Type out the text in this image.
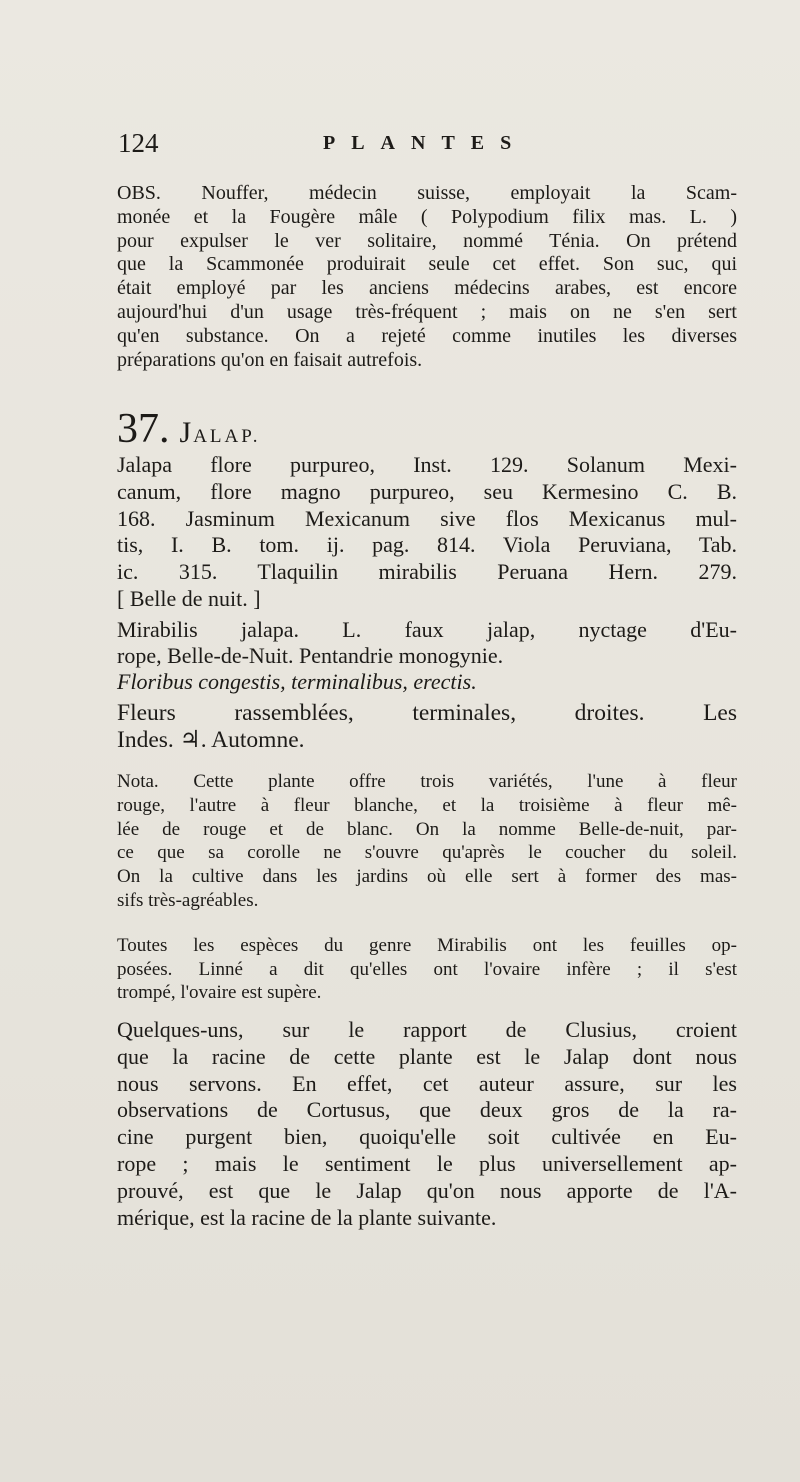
124	PLANTES
OBS. Nouffer, médecin suisse, employait la Scam-
monée et la Fougère mâle ( Polypodium filix mas. L. )
pour expulser le ver solitaire, nommé Ténia. On prétend
que la Scammonée produirait seule cet effet. Son suc, qui
était employé par les anciens médecins arabes, est encore
aujourd'hui d'un usage très-fréquent ; mais on ne s'en sert
qu'en substance. On a rejeté comme inutiles les diverses
préparations qu'on en faisait autrefois.
37. JALAP.
Jalapa flore purpureo, Inst. 129. Solanum Mexi-
canum, flore magno purpureo, seu Kermesino C. B.
168. Jasminum Mexicanum sive flos Mexicanus mul-
tis, I. B. tom. ij. pag. 814. Viola Peruviana, Tab.
ic. 315. Tlaquilin mirabilis Peruana Hern. 279.
[ Belle de nuit. ]
Mirabilis jalapa. L. faux jalap, nyctage d'Eu-
rope, Belle-de-Nuit. Pentandrie monogynie.
Floribus congestis, terminalibus, erectis.
Fleurs rassemblées, terminales, droites. Les
Indes. ♃. Automne.
Nota. Cette plante offre trois variétés, l'une à fleur
rouge, l'autre à fleur blanche, et la troisième à fleur mê-
lée de rouge et de blanc. On la nomme Belle-de-nuit, par-
ce que sa corolle ne s'ouvre qu'après le coucher du soleil.
On la cultive dans les jardins où elle sert à former des mas-
sifs très-agréables.
Toutes les espèces du genre Mirabilis ont les feuilles op-
posées. Linné a dit qu'elles ont l'ovaire infère ; il s'est
trompé, l'ovaire est supère.
Quelques-uns, sur le rapport de Clusius, croient
que la racine de cette plante est le Jalap dont nous
nous servons. En effet, cet auteur assure, sur les
observations de Cortusus, que deux gros de la ra-
cine purgent bien, quoiqu'elle soit cultivée en Eu-
rope ; mais le sentiment le plus universellement ap-
prouvé, est que le Jalap qu'on nous apporte de l'A-
mérique, est la racine de la plante suivante.
